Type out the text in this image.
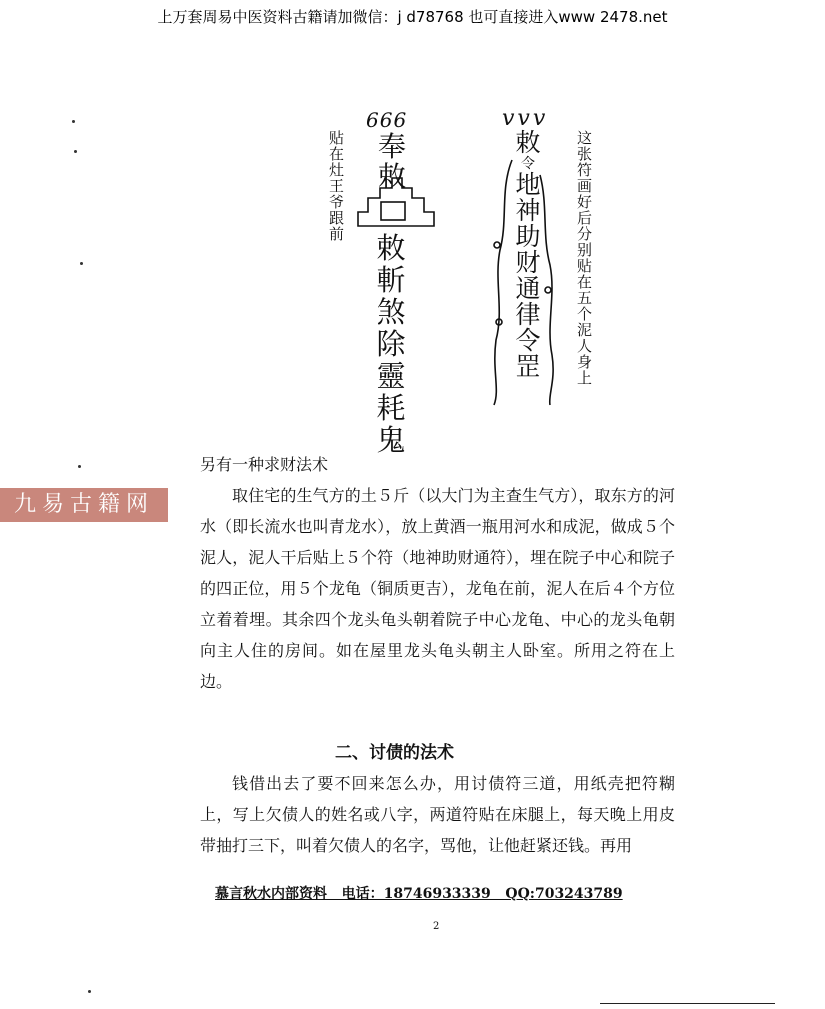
上万套周易中医资料古籍请加微信：j d78768 也可直接进入www 2478.net
贴在灶王爷跟前
666
奉
敕
敕
斬
煞
除
靈
耗
鬼
vvv
敕
令
地
神
助
财
通
律
令
罡	这张符画好后分别贴在五个泥人身上
另有一种求财法术

取住宅的生气方的土５斤（以大门为主查生气方），取东方的河水（即长流水也叫青龙水），放上黄酒一瓶用河水和成泥，做成５个泥人，泥人干后贴上５个符（地神助财通符），埋在院子中心和院子的四正位，用５个龙龟（铜质更吉），龙龟在前，泥人在后４个方位立着着埋。其余四个龙头龟头朝着院子中心龙龟、中心的龙头龟朝向主人住的房间。如在屋里龙头龟头朝主人卧室。所用之符在上边。

九易古籍网
二、讨债的法术

钱借出去了要不回来怎么办，用讨债符三道，用纸壳把符糊上，写上欠债人的姓名或八字，两道符贴在床腿上，每天晚上用皮带抽打三下，叫着欠债人的名字，骂他，让他赶紧还钱。再用

慕言秋水内部资料   电话：18746933339   QQ:703243789
2
